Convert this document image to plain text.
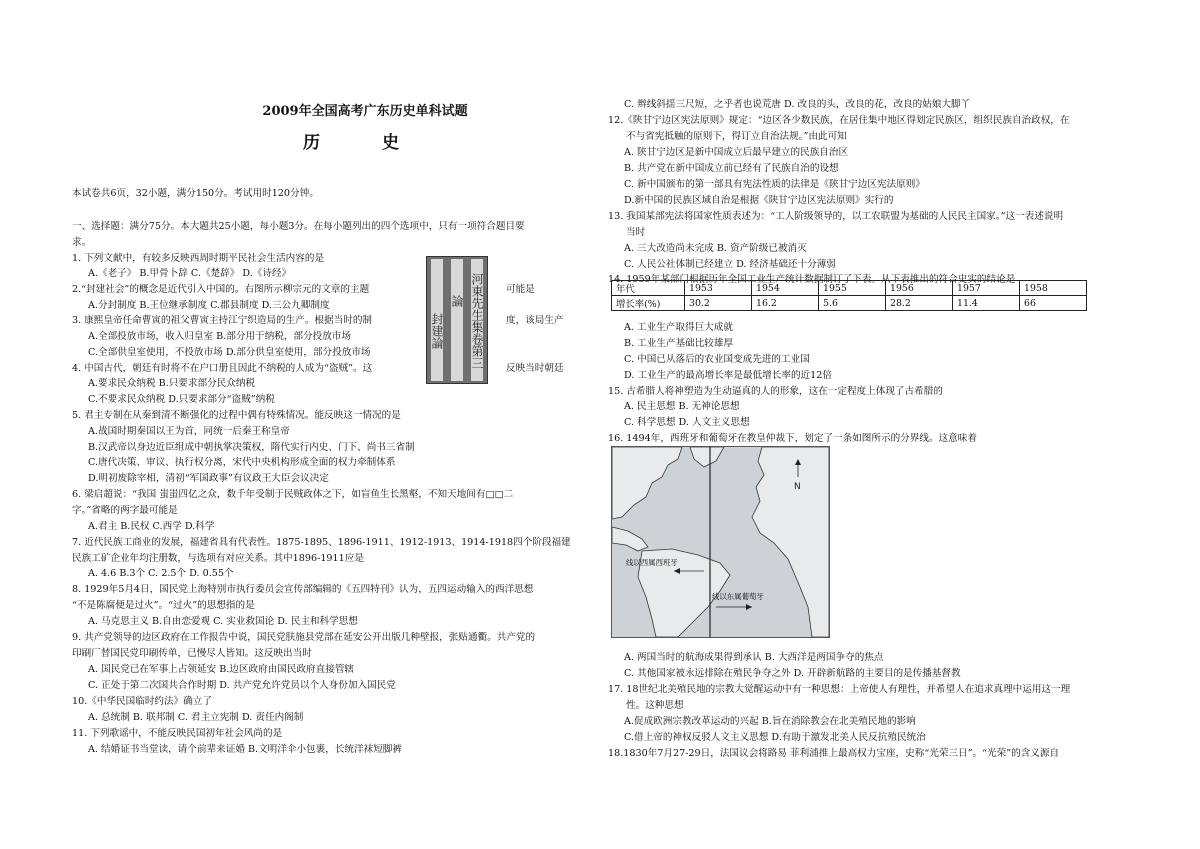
2009年全国高考广东历史单科试题
历 史

本试卷共6页，32小题，满分150分。考试用时120分钟。

一、选择题：满分75分。本大题共25小题，每小题3分。在每小题列出的四个选项中，只有一项符合题目要

求。

1. 下列文献中，有较多反映西周时期平民社会生活内容的是

A.《老子》 B.甲骨卜辞 C.《楚辞》 D.《诗经》

2.“封建社会”的概念是近代引入中国的。右图所示柳宗元的文章的主题

A.分封制度 B.王位继承制度 C.郡县制度 D.三公九卿制度

3. 康熙皇帝任命曹寅的祖父曹寅主持江宁织造局的生产。根据当时的制

A.全部投放市场，收入归皇室 B.部分用于纳税，部分投放市场

C.全部供皇室使用，不投放市场 D.部分供皇室使用，部分投放市场

4. 中国古代，朝廷有时将不在户口册且因此不纳税的人成为“盗贼”。这

A.要求民众纳税 B.只要求部分民众纳税

C.不要求民众纳税 D.只要求部分“盗贼”纳税

5. 君主专制在从秦到清不断强化的过程中偶有特殊情况。能反映这一情况的是

A.战国时期秦国以王为首，同统一后秦王称皇帝

B.汉武帝以身边近臣组成中朝执掌决策权，隋代实行内史、门下、尚书三省制

C.唐代决策、审议、执行权分离，宋代中央机构形成全面的权力牵制体系

D.明初废除宰相，清初“军国政事”有议政王大臣会议决定

6. 梁启超说：“我国 蚩蚩四亿之众，数千年受制于民贼政体之下，如盲鱼生长黑壑，不知天地间有□□二

字。”省略的两字最可能是

A.君主 B.民权 C.西学 D.科学

7. 近代民族工商业的发展，福建省具有代表性。1875-1895、1896-1911、1912-1913、1914-1918四个阶段福建

民族工矿企业年均注册数，与选项有对应关系。其中1896-1911应是

A. 4.6 B.3个 C. 2.5个 D. 0.55个

8. 1929年5月4日，国民党上海特别市执行委员会宣传部编辑的《五四特刊》认为，五四运动输入的西洋思想

“不是陈腐便是过火”。“过火”的思想指的是

A. 马克思主义 B.自由恋爱观 C. 实业救国论 D. 民主和科学思想

9. 共产党领导的边区政府在工作报告中说，国民党肤施县党部在延安公开出版几种壁报，张贴通衢。共产党的

印刷厂替国民党印刷传单，已慢尽人皆知。这反映出当时

A. 国民党已在军事上占领延安 B.边区政府由国民政府直接管辖

C. 正处于第二次国共合作时期 D. 共产党允许党员以个人身份加入国民党

10.《中华民国临时约法》确立了

A. 总统制 B. 联邦制 C. 君主立宪制 D. 责任内阁制

11. 下列歌谣中，不能反映民国初年社会风尚的是

A. 结婚证书当堂读，请个前辈来证婚 B.文明洋伞小包裹，长统洋袜短脚裤

可能是

度，该局生产

反映当时朝廷

河東先生集卷第三
論
封建論

C. 辫线斜揺三尺短，之乎者也说荒唐 D. 改良的头，改良的花，改良的姑娘大脚丫

12.《陕甘宁边区宪法原则》规定：“边区各少数民族，在居住集中地区得划定民族区，组织民族自治政权，在

不与省宪抵触的原则下，得订立自治法规。”由此可知

A. 陕甘宁边区是新中国成立后最早建立的民族自治区

B. 共产党在新中国成立前已经有了民族自治的设想

C. 新中国颁布的第一部具有宪法性质的法律是《陕甘宁边区宪法原则》

D.新中国的民族区域自治是根据《陕甘宁边区宪法原则》实行的

13. 我国某部宪法将国家性质表述为：“工人阶级领导的，以工农联盟为基础的人民民主国家。”这一表述说明

当时

A. 三大改造尚未完成 B. 资产阶级已被消灭

C. 人民公社体制已经建立 D. 经济基础还十分薄弱

14. 1959年某部门根据历年全国工业生产统计数据制订了下表。从下表推出的符合史实的结论是

A. 工业生产取得巨大成就

B. 工业生产基础比较雄厚

C. 中国已从落后的农业国变成先进的工业国

D. 工业生产的最高增长率是最低增长率的近12倍

15. 古希腊人将神塑造为生动逼真的人的形象，这在一定程度上体现了古希腊的

A. 民主思想 B. 无神论思想

C. 科学思想 D. 人文主义思想

16. 1494年，西班牙和葡萄牙在教皇仲裁下，划定了一条如图所示的分界线。这意味着

A. 两国当时的航海成果得到承认 B. 大西洋是两国争夺的焦点

C. 其他国家被永远排除在殖民争夺之外 D. 开辟新航路的主要目的是传播基督教

17. 18世纪北美殖民地的宗教大觉醒运动中有一种思想：上帝使人有理性，并希望人在追求真理中运用这一理

性。这种思想

A.促成欧洲宗教改革运动的兴起 B.旨在消除教会在北美殖民地的影响

C.借上帝的神权反驳人文主义思想 D.有助于激发北美人民反抗殖民统治

18.1830年7月27-29日，法国议会将路易 菲利浦推上最高权力宝座，史称“光荣三日”。“光荣”的含义源自

年代	1953	1954	1955	1956	1957	1958
增长率(%)	30.2	16.2	5.6	28.2	11.4	66
N
线以西属西班牙
线以东属葡萄牙
